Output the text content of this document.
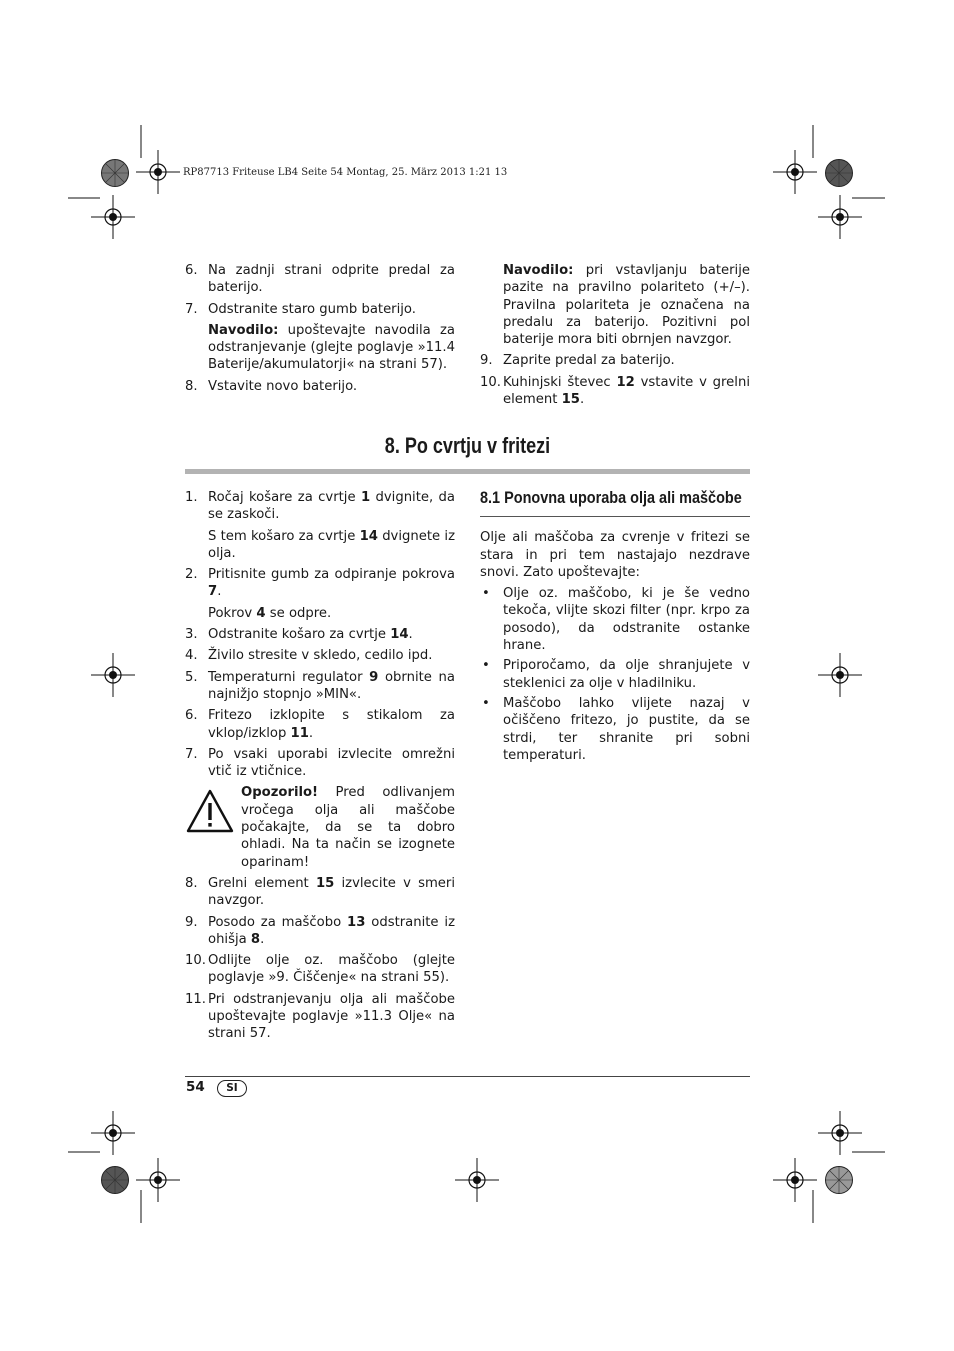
RP87713 Friteuse LB4 Seite 54 Montag, 25. März 2013 1:21 13
6. Na zadnji strani odprite predal za baterijo.
7. Odstranite staro gumb baterijo.
Navodilo: upoštevajte navodila za odstranjevanje (glejte poglavje »11.4 Baterije/akumulatorji« na strani 57).
8. Vstavite novo baterijo.
Navodilo: pri vstavljanju baterije pazite na pravilno polariteto (+/–). Pravilna polariteta je označena na predalu za baterijo. Pozitivni pol baterije mora biti obrnjen navzgor.
9. Zaprite predal za baterijo.
10. Kuhinjski števec 12 vstavite v grelni element 15.
8. Po cvrtju v fritezi
1. Ročaj košare za cvrtje 1 dvignite, da se zaskoči.
S tem košaro za cvrtje 14 dvignete iz olja.
2. Pritisnite gumb za odpiranje pokrova 7.
Pokrov 4 se odpre.
3. Odstranite košaro za cvrtje 14.
4. Živilo stresite v skledo, cedilo ipd.
5. Temperaturni regulator 9 obrnite na najnižjo stopnjo »MIN«.
6. Fritezo izklopite s stikalom za vklop/izklop 11.
7. Po vsaki uporabi izvlecite omrežni vtič iz vtičnice.
Opozorilo! Pred odlivanjem vročega olja ali maščobe počakajte, da se ta dobro ohladi. Na ta način se izognete oparinam!
8. Grelni element 15 izvlecite v smeri navzgor.
9. Posodo za maščobo 13 odstranite iz ohišja 8.
10. Odlijte olje oz. maščobo (glejte poglavje »9. Čiščenje« na strani 55).
11. Pri odstranjevanju olja ali maščobe upoštevajte poglavje »11.3 Olje« na strani 57.
8.1 Ponovna uporaba olja ali maščobe
Olje ali maščoba za cvrenje v fritezi se stara in pri tem nastajajo nezdrave snovi. Zato upoštevajte:
•	Olje oz. maščobo, ki je še vedno tekoča, vlijte skozi filter (npr. krpo za posodo), da odstranite ostanke hrane.
•	Priporočamo, da olje shranjujete v steklenici za olje v hladilniku.
•	Maščobo lahko vlijete nazaj v očiščeno fritezo, jo pustite, da se strdi, ter shranite pri sobni temperaturi.
54	SI
